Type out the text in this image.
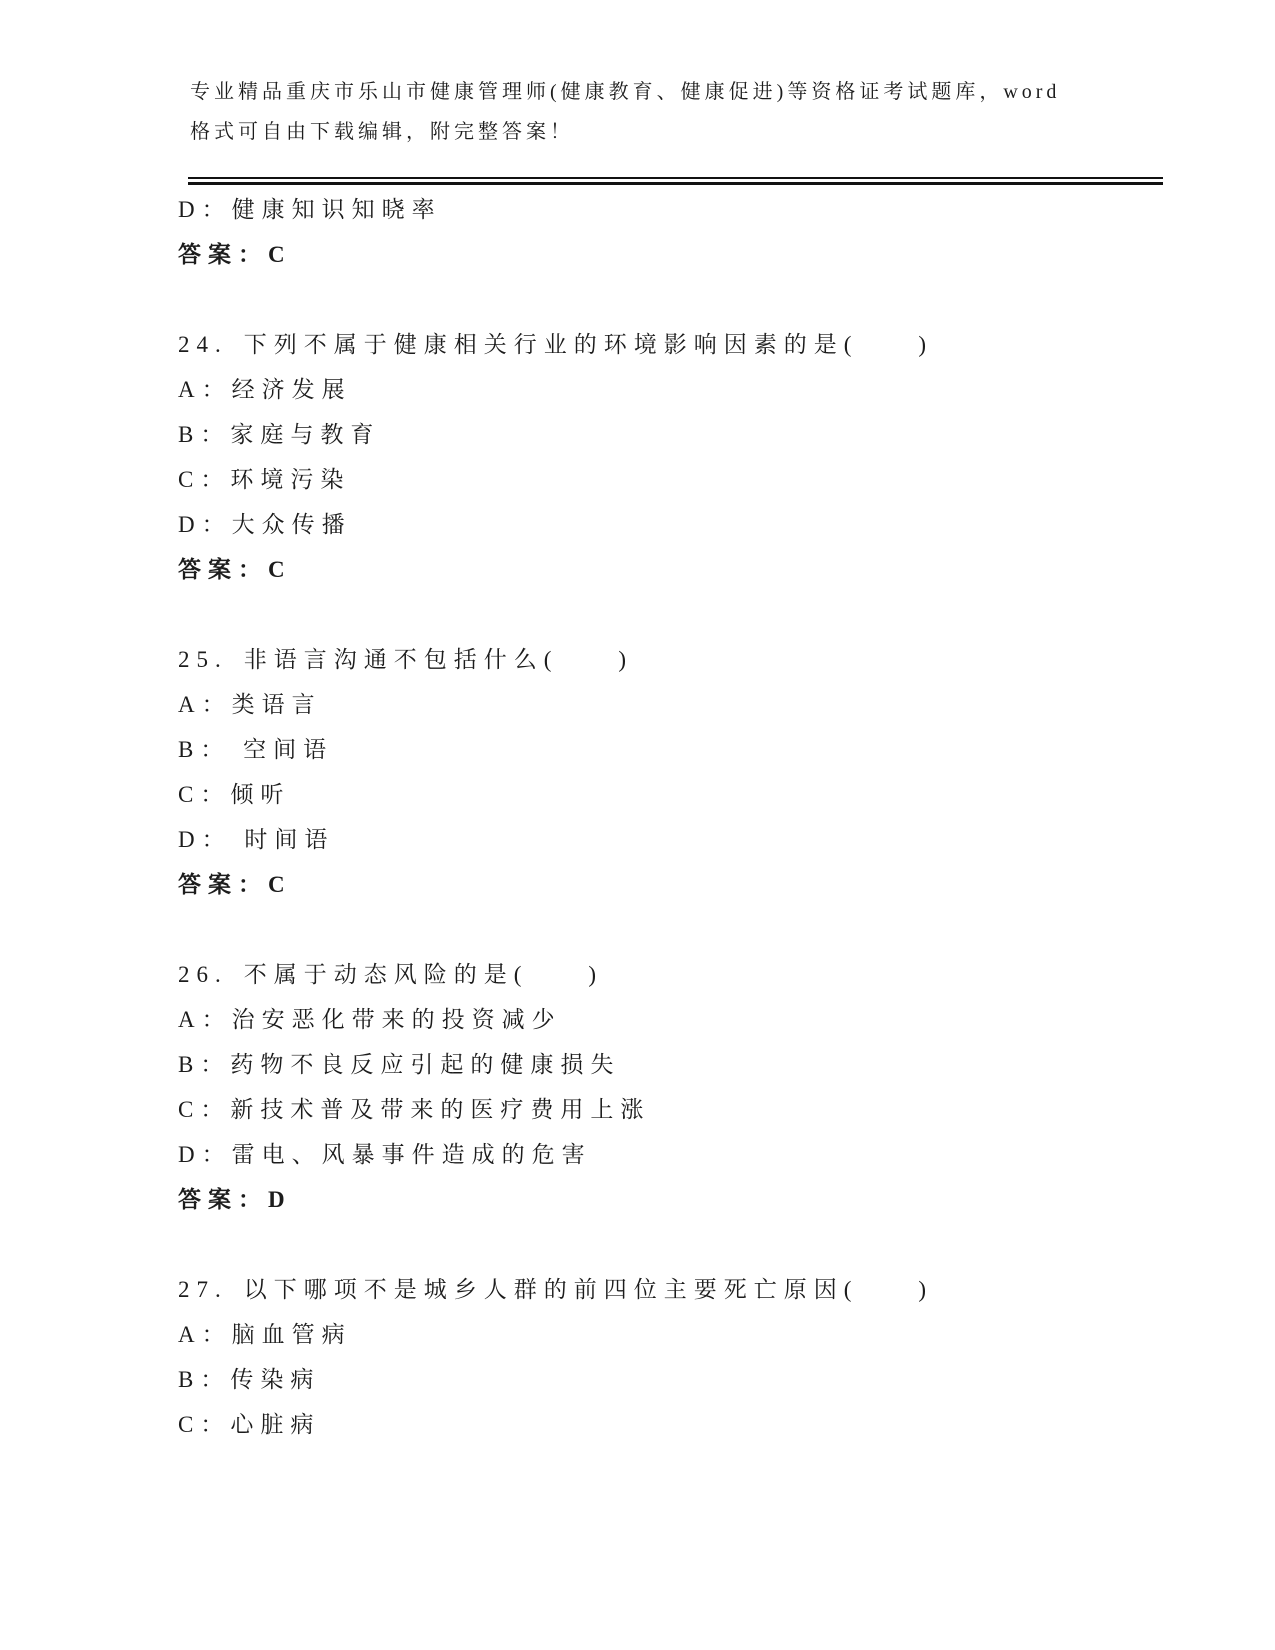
专业精品重庆市乐山市健康管理师(健康教育、健康促进)等资格证考试题库，word
格式可自由下载编辑，附完整答案！

D：健康知识知晓率

答案：C

24. 下列不属于健康相关行业的环境影响因素的是(　　)

A：经济发展

B：家庭与教育

C：环境污染

D：大众传播

答案：C

25. 非语言沟通不包括什么(　　)

A：类语言

B： 空间语

C：倾听

D： 时间语

答案：C

26. 不属于动态风险的是(　　)

A：治安恶化带来的投资减少

B：药物不良反应引起的健康损失

C：新技术普及带来的医疗费用上涨

D：雷电、风暴事件造成的危害

答案：D

27. 以下哪项不是城乡人群的前四位主要死亡原因(　　)

A：脑血管病

B：传染病

C：心脏病
